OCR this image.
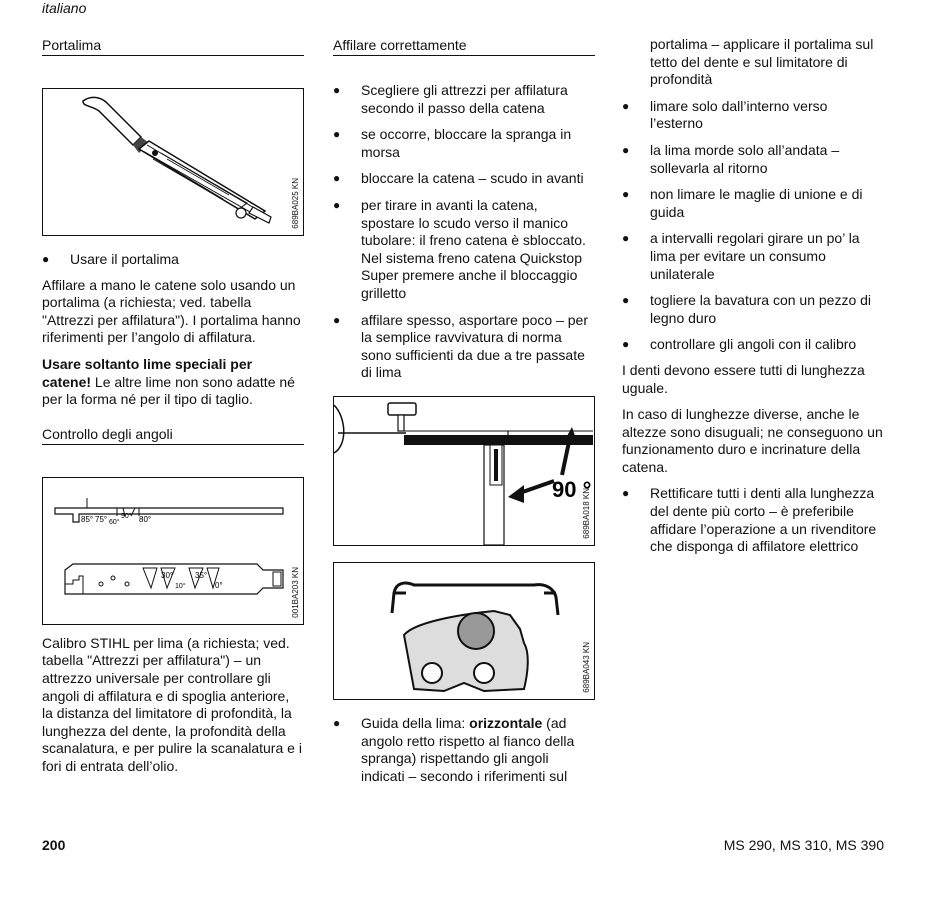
italiano
Portalima
689BA025 KN
● Usare il portalima

Affilare a mano le catene solo usando un portalima (a richiesta; ved. tabella "Attrezzi per affilatura"). I portalima hanno riferimenti per l’angolo di affilatura.

Usare soltanto lime speciali per catene! Le altre lime non sono adatte né per la forma né per il tipo di taglio.

Controllo degli angoli
85° 75° 60°
90° 80°
30°
10°
35°
0°	001BA203 KN

Calibro STIHL per lima (a richiesta; ved. tabella "Attrezzi per affilatura") – un attrezzo universale per controllare gli angoli di affilatura e di spoglia anteriore, la distanza del limitatore di profondità, la lunghezza del dente, la profondità della scanalatura, e per pulire la scanalatura e i fori di entrata dell’olio.

Affilare correttamente
● Scegliere gli attrezzi per affilatura secondo il passo della catena
● se occorre, bloccare la spranga in morsa
● bloccare la catena – scudo in avanti
● per tirare in avanti la catena, spostare lo scudo verso il manico tubolare: il freno catena è sbloccato. Nel sistema freno catena Quickstop Super premere anche il bloccaggio grilletto
● affilare spesso, asportare poco – per la semplice ravvivatura di norma sono sufficienti da due a tre passate di lima
90 °
689BA018 KN
689BA043 KN
● Guida della lima: orizzontale (ad angolo retto rispetto al fianco della spranga) rispettando gli angoli indicati – secondo i riferimenti sul

portalima – applicare il portalima sul tetto del dente e sul limitatore di profondità

● limare solo dall’interno verso l’esterno
● la lima morde solo all’andata – sollevarla al ritorno
● non limare le maglie di unione e di guida
● a intervalli regolari girare un po’ la lima per evitare un consumo unilaterale
● togliere la bavatura con un pezzo di legno duro
● controllare gli angoli con il calibro

I denti devono essere tutti di lunghezza uguale.

In caso di lunghezze diverse, anche le altezze sono disuguali; ne conseguono un funzionamento duro e incrinature della catena.

● Rettificare tutti i denti alla lunghezza del dente più corto – è preferibile affidare l’operazione a un rivenditore che disponga di affilatore elettrico
200	MS 290, MS 310, MS 390
